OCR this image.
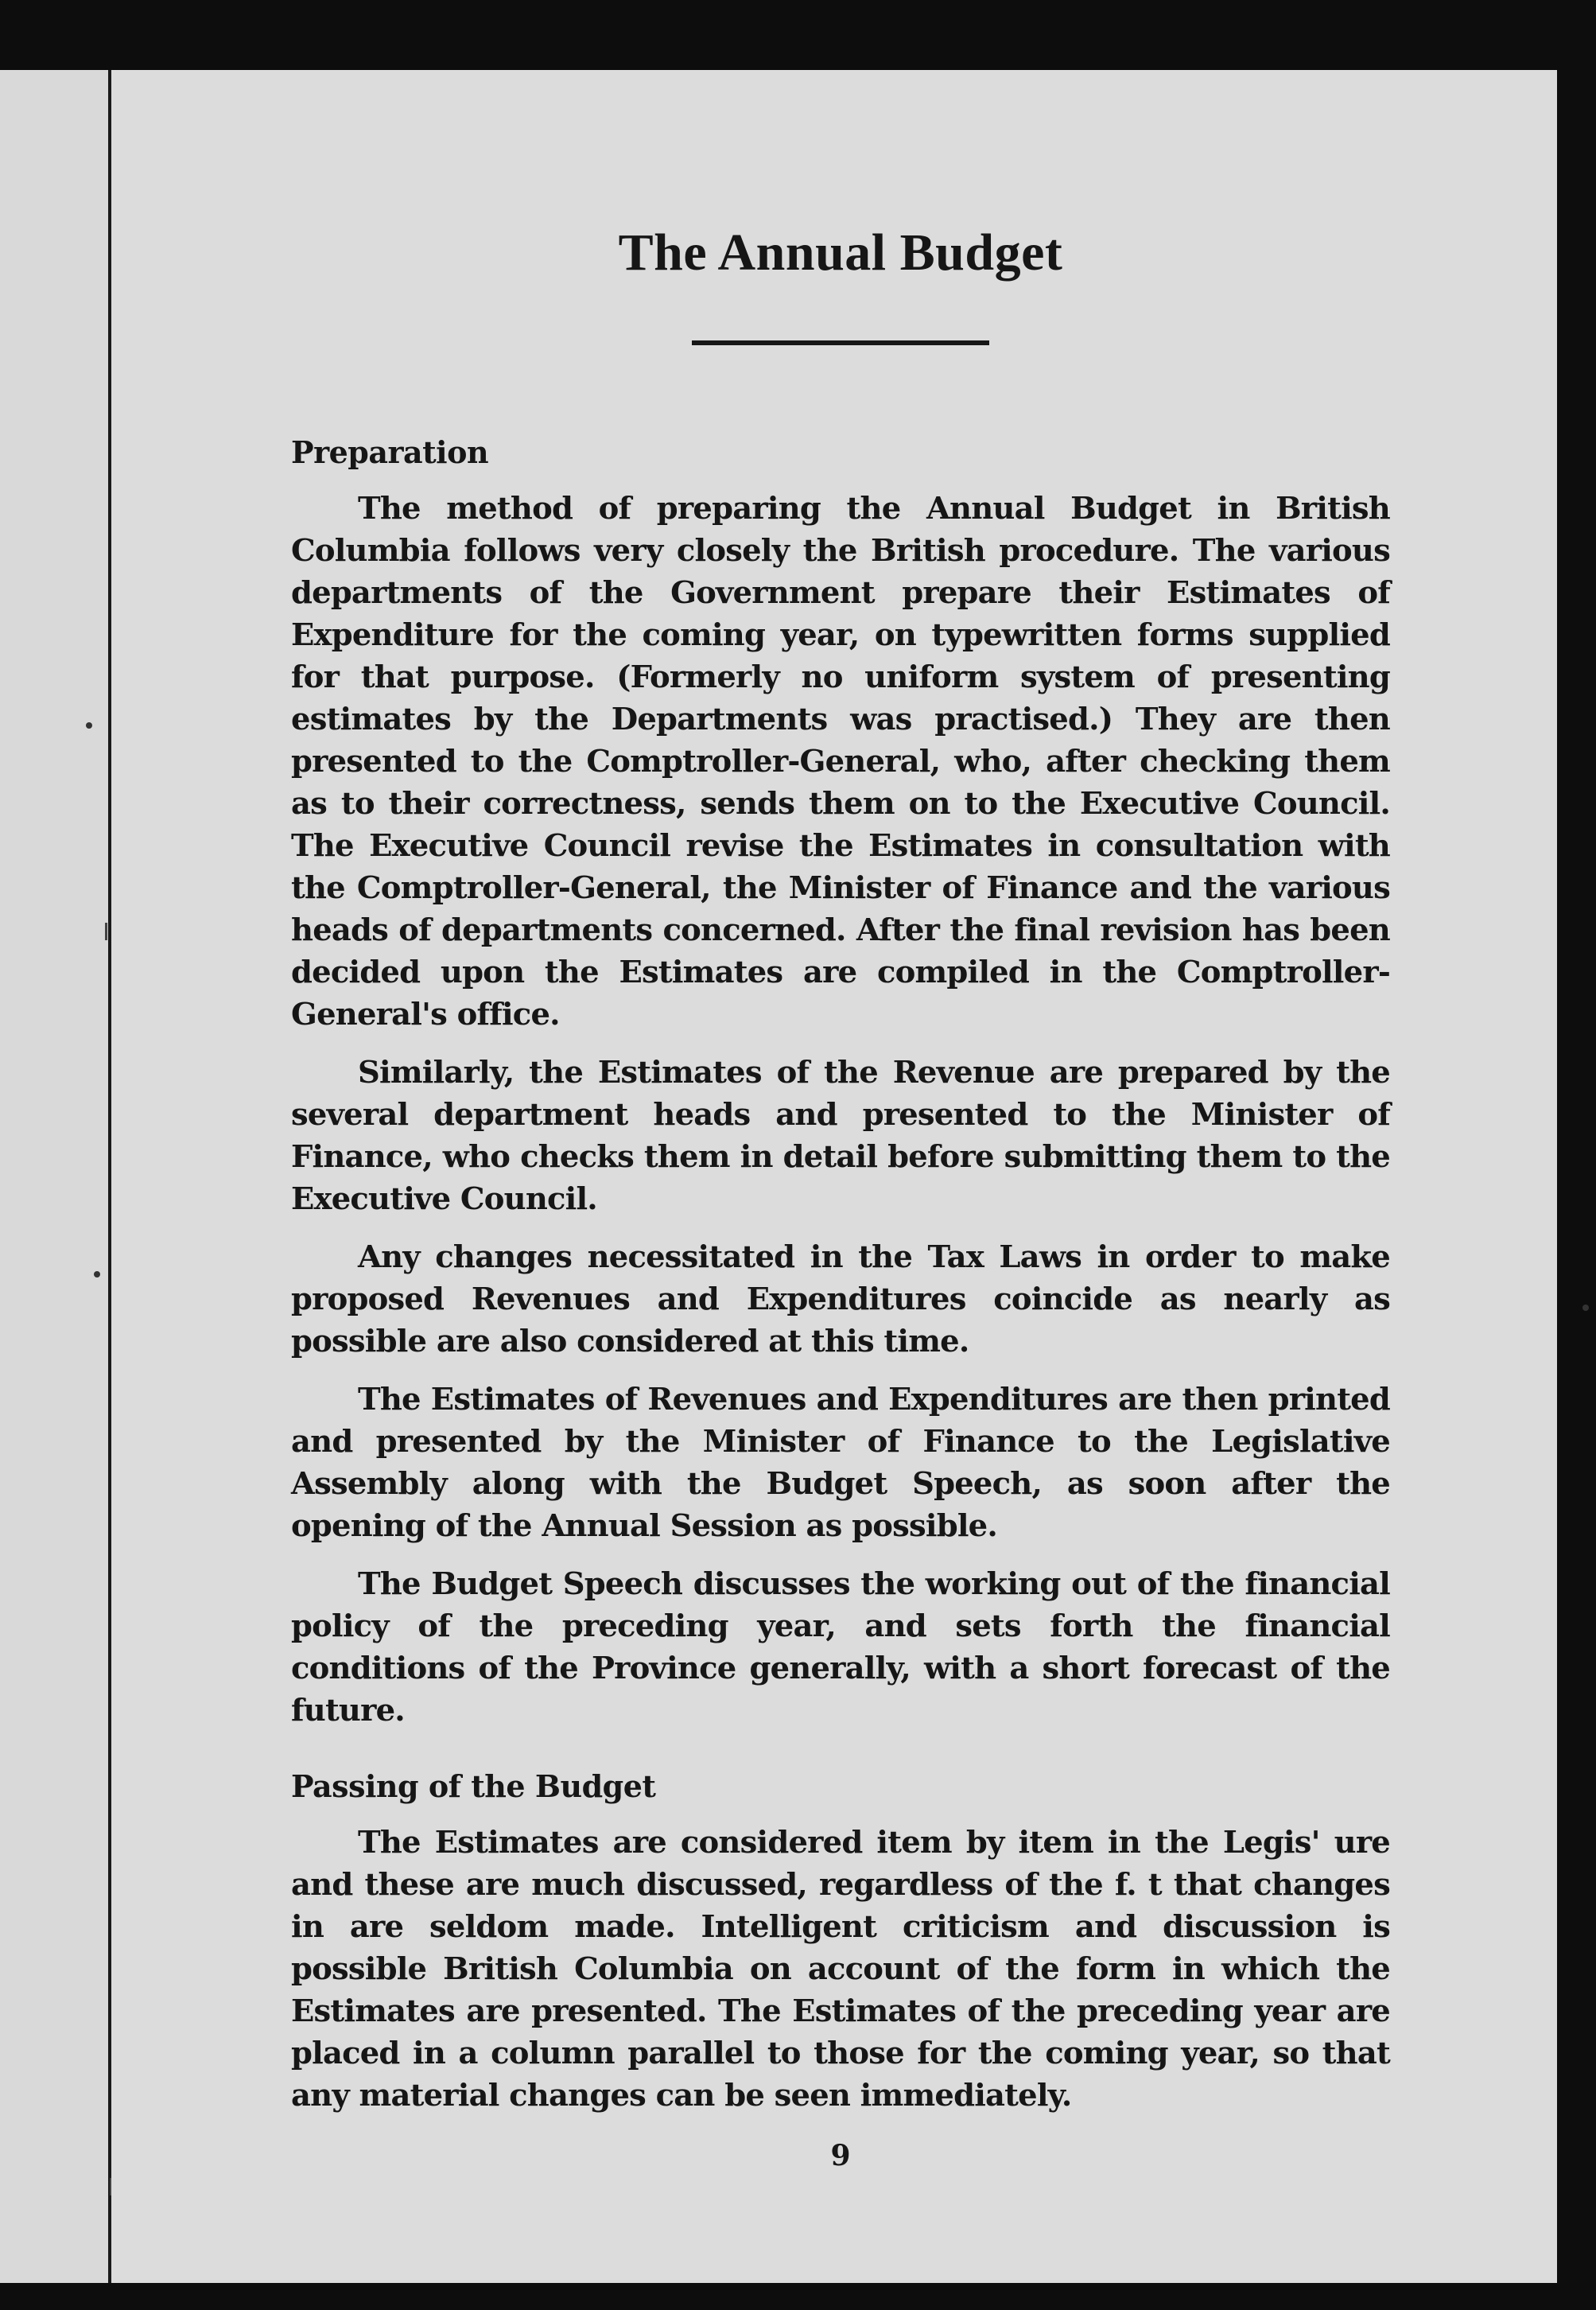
The Annual Budget
Preparation

The method of preparing the Annual Budget in British Columbia follows very closely the British procedure. The various departments of the Government prepare their Estimates of Expenditure for the coming year, on typewritten forms supplied for that purpose. (Formerly no uniform system of presenting estimates by the Departments was practised.) They are then presented to the Comptroller-General, who, after checking them as to their correctness, sends them on to the Executive Council. The Executive Council revise the Estimates in consultation with the Comptroller-General, the Minister of Finance and the various heads of departments concerned. After the final revision has been decided upon the Estimates are compiled in the Comptroller-General's office.

Similarly, the Estimates of the Revenue are prepared by the several department heads and presented to the Minister of Finance, who checks them in detail before submitting them to the Executive Council.

Any changes necessitated in the Tax Laws in order to make proposed Revenues and Expenditures coincide as nearly as possible are also considered at this time.

The Estimates of Revenues and Expenditures are then printed and presented by the Minister of Finance to the Legislative Assembly along with the Budget Speech, as soon after the opening of the Annual Session as possible.

The Budget Speech discusses the working out of the financial policy of the preceding year, and sets forth the financial conditions of the Province generally, with a short forecast of the future.

Passing of the Budget

The Estimates are considered item by item in the Legis' ure and these are much discussed, regardless of the f. t that changes in are seldom made. Intelligent criticism and discussion is possible British Columbia on account of the form in which the Estimates are presented. The Estimates of the preceding year are placed in a column parallel to those for the coming year, so that any material changes can be seen immediately.

9
